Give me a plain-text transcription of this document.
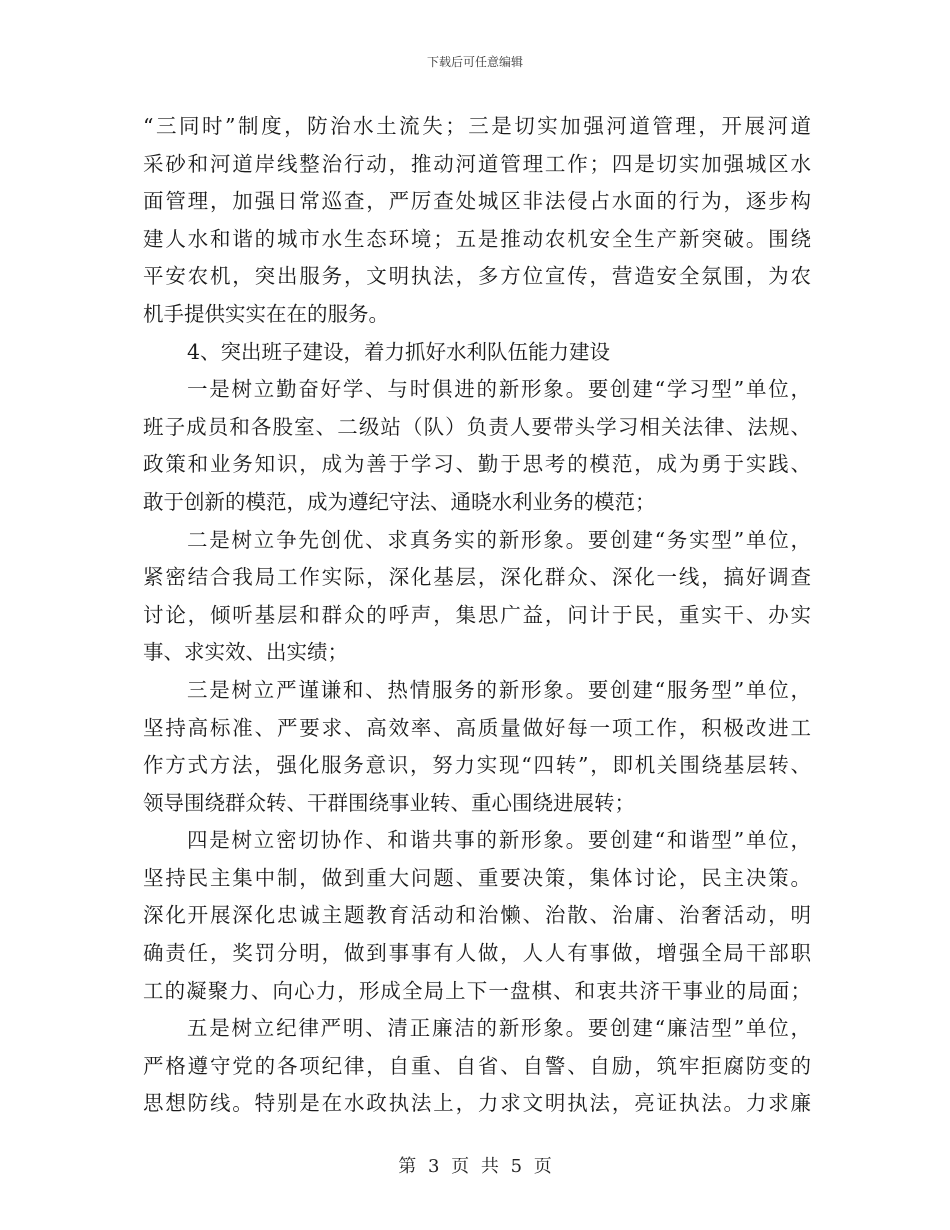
下载后可任意编辑
“三同时”制度，防治水土流失；三是切实加强河道管理，开展河道
采砂和河道岸线整治行动，推动河道管理工作；四是切实加强城区水
面管理，加强日常巡查，严厉查处城区非法侵占水面的行为，逐步构
建人水和谐的城市水生态环境；五是推动农机安全生产新突破。围绕
平安农机，突出服务，文明执法，多方位宣传，营造安全氛围，为农
机手提供实实在在的服务。
4、突出班子建设，着力抓好水利队伍能力建设
一是树立勤奋好学、与时俱进的新形象。要创建“学习型”单位，
班子成员和各股室、二级站（队）负责人要带头学习相关法律、法规、
政策和业务知识，成为善于学习、勤于思考的模范，成为勇于实践、
敢于创新的模范，成为遵纪守法、通晓水利业务的模范；
二是树立争先创优、求真务实的新形象。要创建“务实型”单位，
紧密结合我局工作实际，深化基层，深化群众、深化一线，搞好调查
讨论，倾听基层和群众的呼声，集思广益，问计于民，重实干、办实
事、求实效、出实绩；
三是树立严谨谦和、热情服务的新形象。要创建“服务型”单位，
坚持高标准、严要求、高效率、高质量做好每一项工作，积极改进工
作方式方法，强化服务意识，努力实现“四转”，即机关围绕基层转、
领导围绕群众转、干群围绕事业转、重心围绕进展转；
四是树立密切协作、和谐共事的新形象。要创建“和谐型”单位，
坚持民主集中制，做到重大问题、重要决策，集体讨论，民主决策。
深化开展深化忠诚主题教育活动和治懒、治散、治庸、治奢活动，明
确责任，奖罚分明，做到事事有人做，人人有事做，增强全局干部职
工的凝聚力、向心力，形成全局上下一盘棋、和衷共济干事业的局面；
五是树立纪律严明、清正廉洁的新形象。要创建“廉洁型”单位，
严格遵守党的各项纪律，自重、自省、自警、自励，筑牢拒腐防变的
思想防线。特别是在水政执法上，力求文明执法，亮证执法。力求廉
第 3 页 共 5 页
